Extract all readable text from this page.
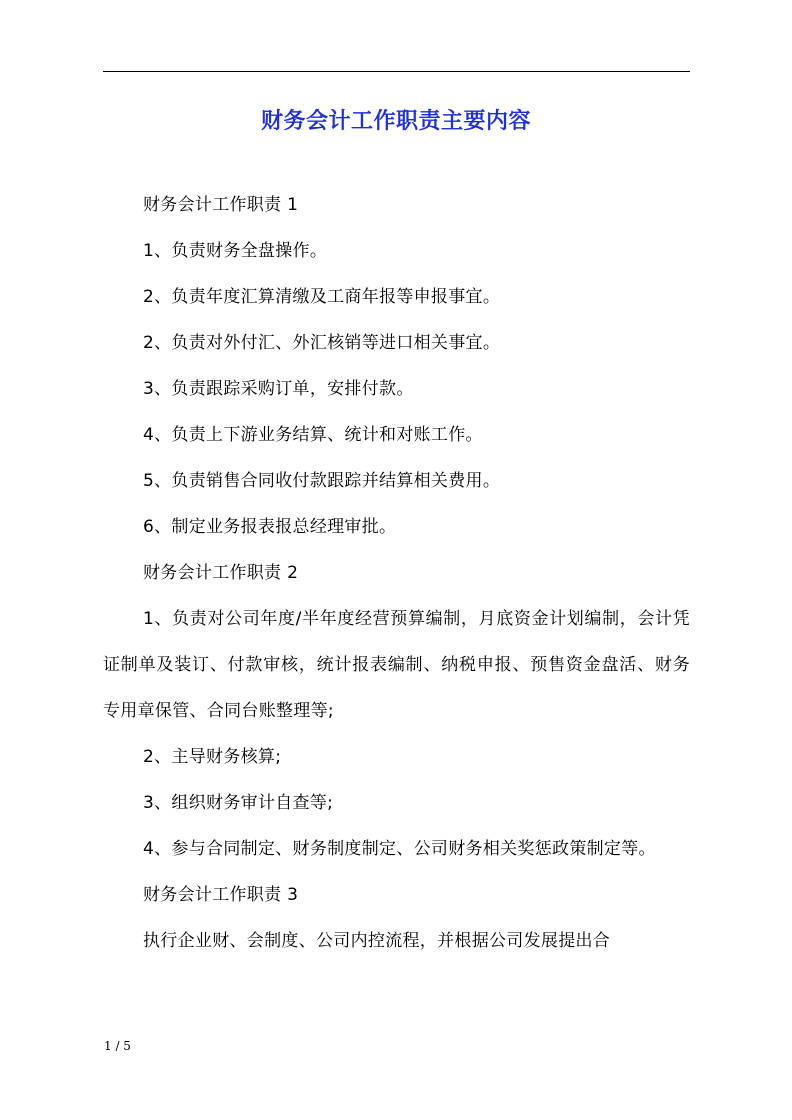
财务会计工作职责主要内容

财务会计工作职责 1

1、负责财务全盘操作。

2、负责年度汇算清缴及工商年报等申报事宜。

2、负责对外付汇、外汇核销等进口相关事宜。

3、负责跟踪采购订单，安排付款。

4、负责上下游业务结算、统计和对账工作。

5、负责销售合同收付款跟踪并结算相关费用。

6、制定业务报表报总经理审批。

财务会计工作职责 2

1、负责对公司年度/半年度经营预算编制，月底资金计划编制，会计凭证制单及装订、付款审核，统计报表编制、纳税申报、预售资金盘活、财务专用章保管、合同台账整理等;

2、主导财务核算;

3、组织财务审计自查等;

4、参与合同制定、财务制度制定、公司财务相关奖惩政策制定等。

财务会计工作职责 3

执行企业财、会制度、公司内控流程，并根据公司发展提出合

1 / 5
